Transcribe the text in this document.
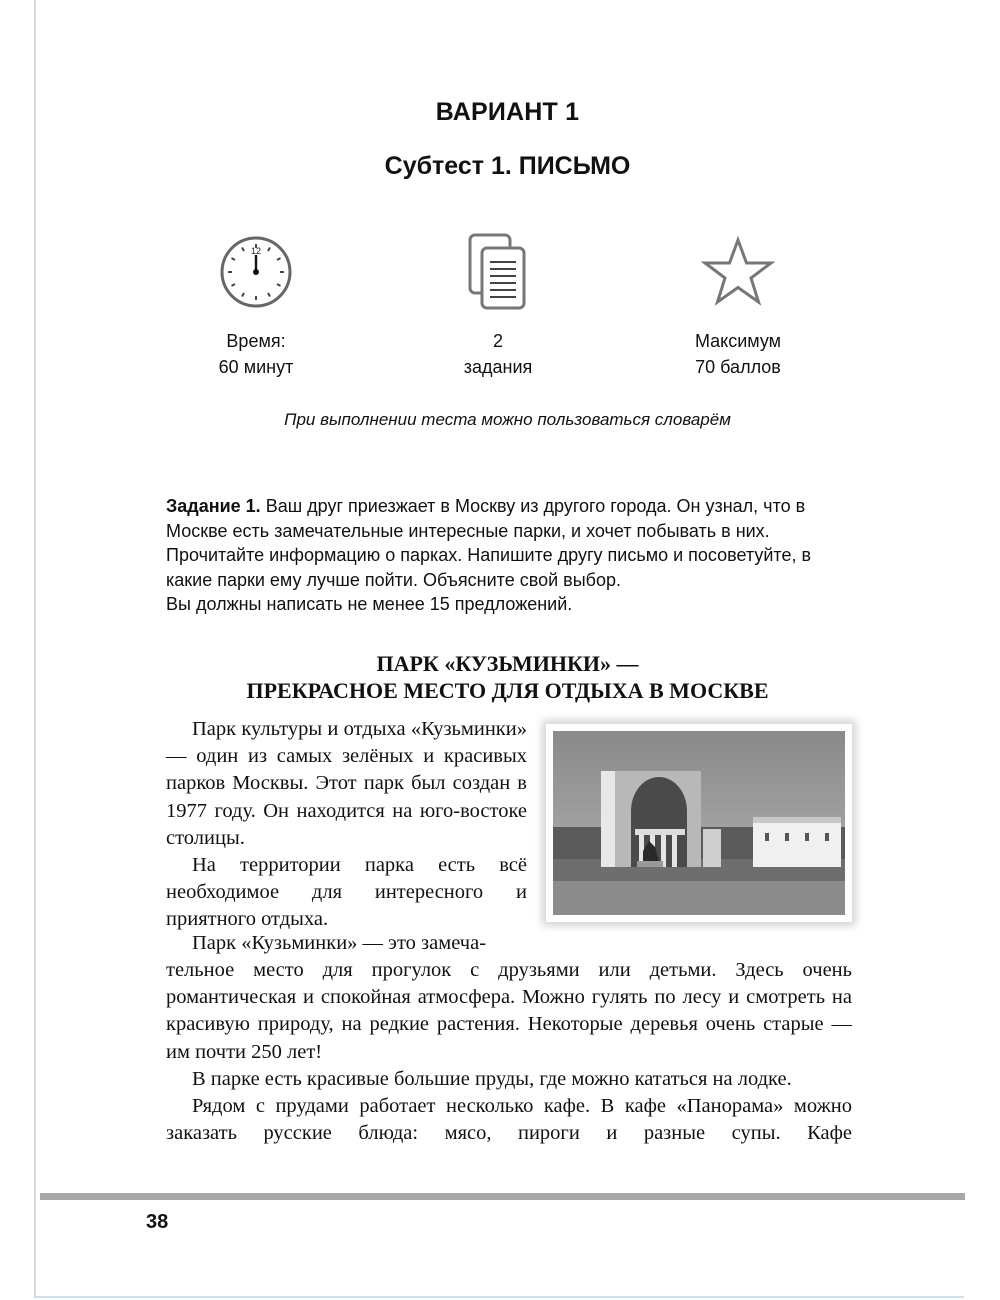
ВАРИАНТ 1
Субтест 1. ПИСЬМО
12
Время:
60 минут
2
задания
Максимум
70 баллов
При выполнении теста можно пользоваться словарём
Задание 1. Ваш друг приезжает в Москву из другого города. Он узнал, что в Москве есть замечательные интересные парки, и хочет побывать в них. Прочитайте информацию о парках. Напишите другу письмо и посоветуйте, в какие парки ему лучше пойти. Объясните свой выбор.
Вы должны написать не менее 15 предложений.
ПАРК «КУЗЬМИНКИ» —
ПРЕКРАСНОЕ МЕСТО ДЛЯ ОТДЫХА В МОСКВЕ
Парк культуры и отдыха «Кузьминки» — один из самых зелёных и красивых парков Москвы. Этот парк был создан в 1977 году. Он находится на юго-востоке столицы.
На территории парка есть всё необходимое для интересного и приятного отдыха.
Парк «Кузьминки» — это замеча-
тельное место для прогулок с друзьями или детьми. Здесь очень романтическая и спокойная атмосфера. Можно гулять по лесу и смотреть на красивую природу, на редкие растения. Некоторые деревья очень старые — им почти 250 лет!
В парке есть красивые большие пруды, где можно кататься на лодке.
Рядом с прудами работает несколько кафе. В кафе «Панорама» можно заказать русские блюда: мясо, пироги и разные супы. Кафе
38
